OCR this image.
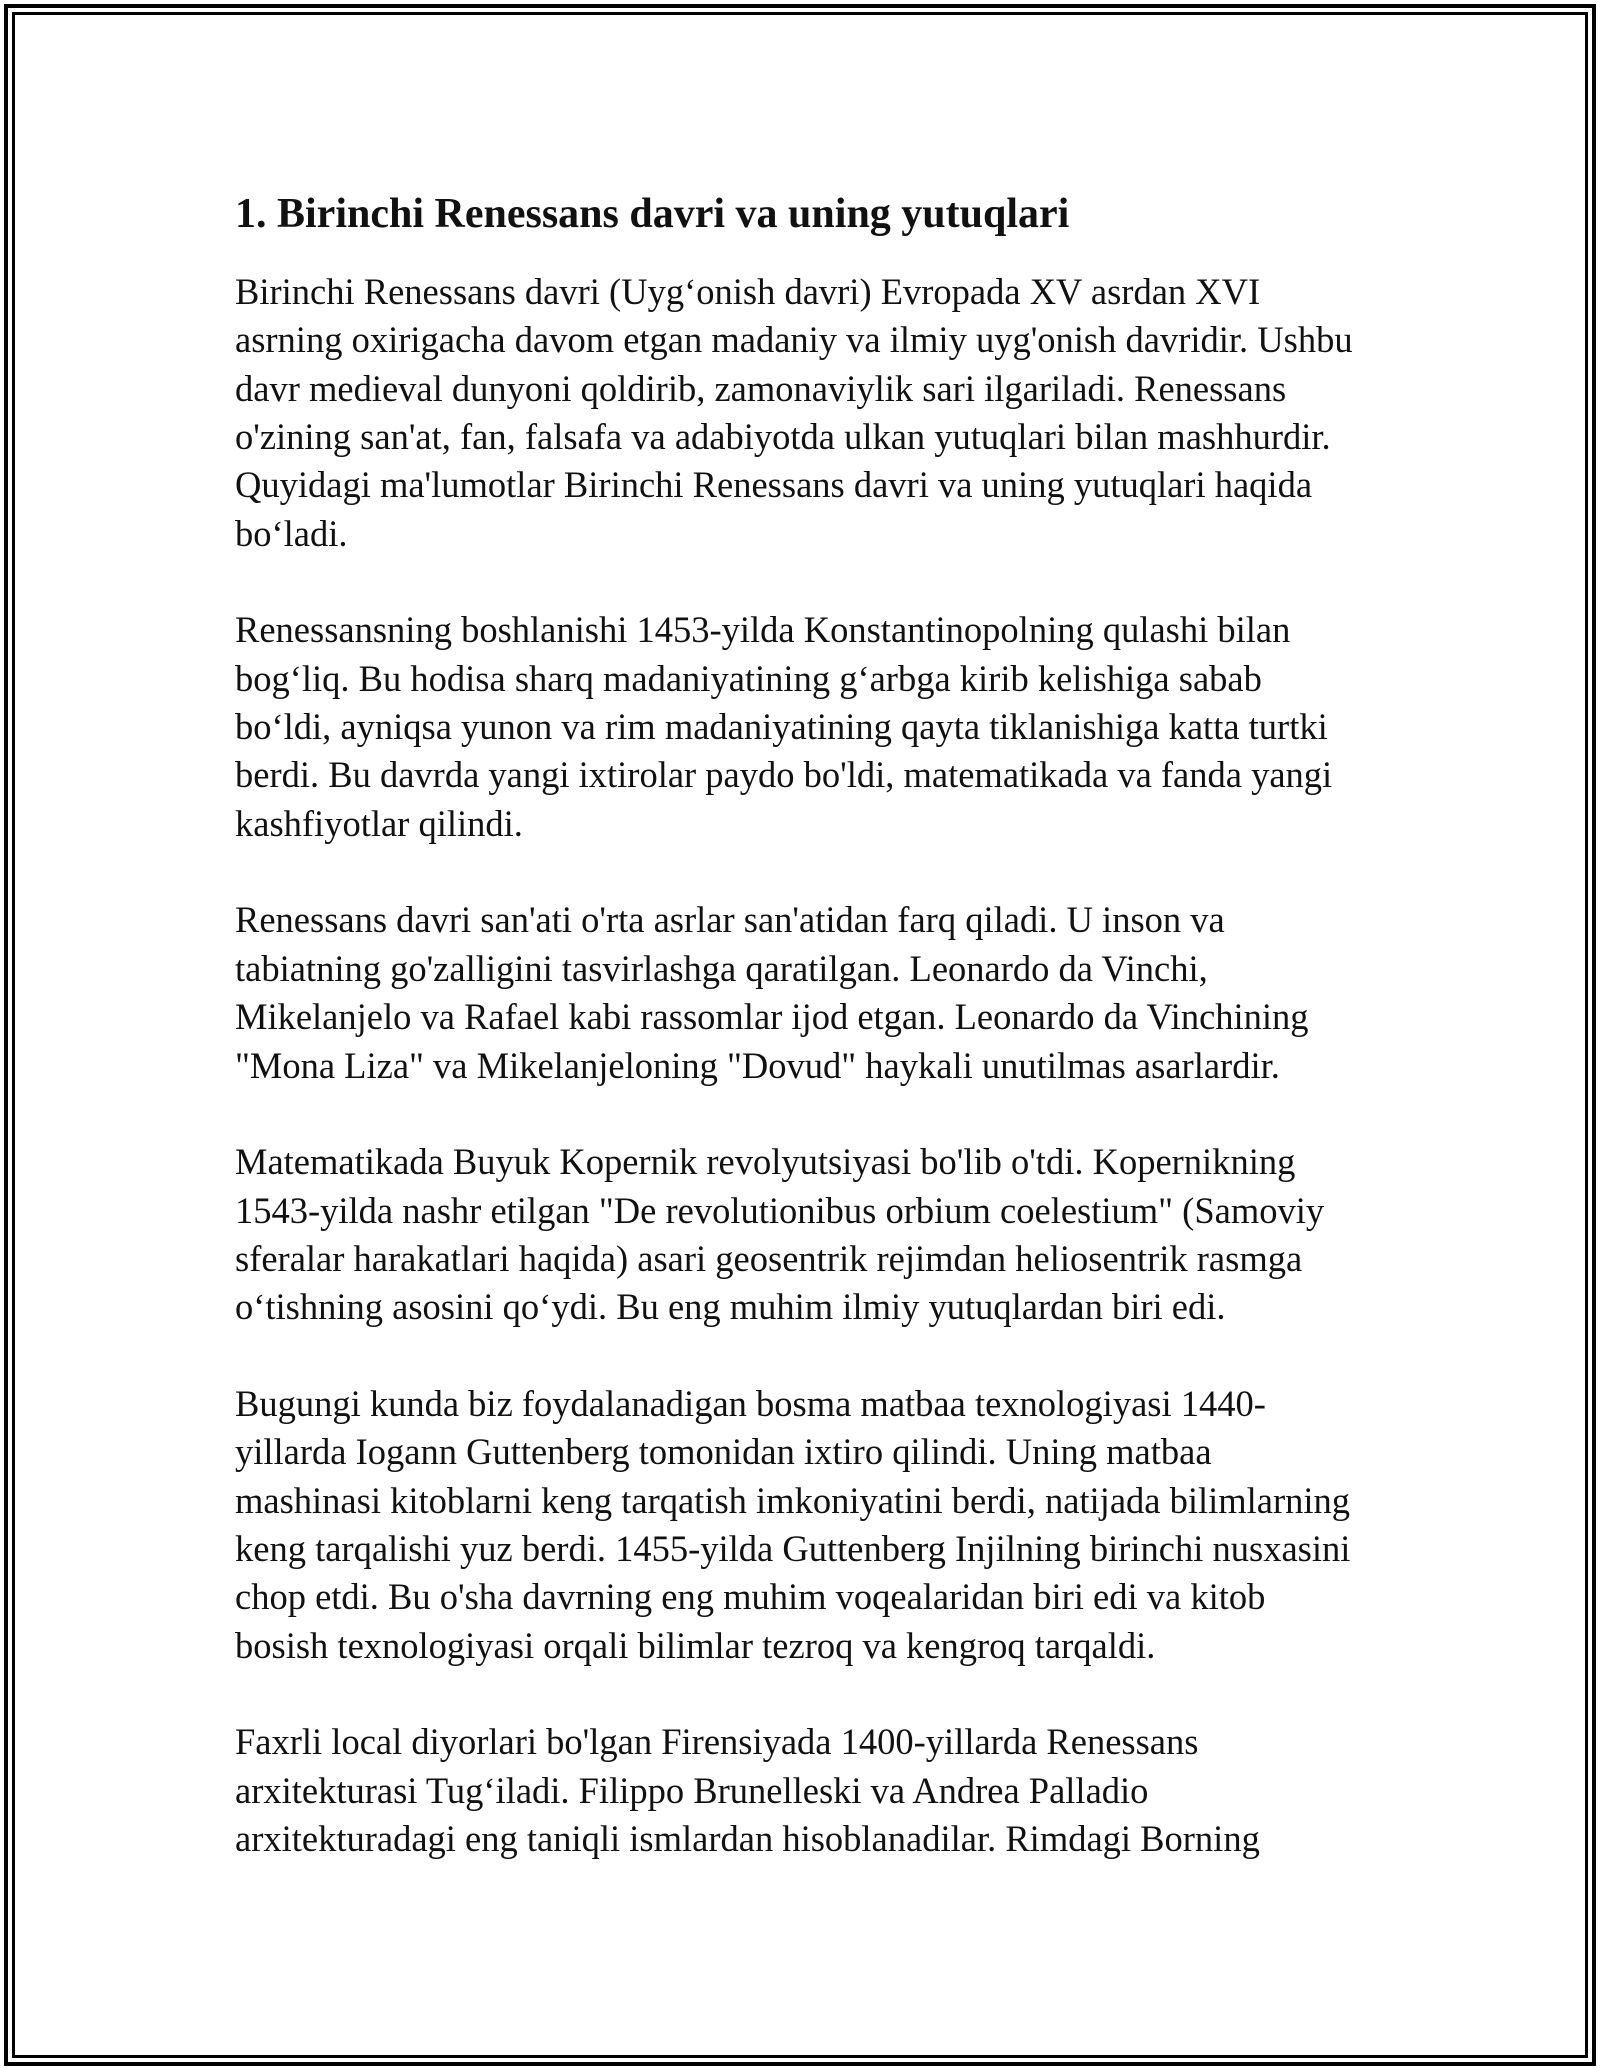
1. Birinchi Renessans davri va uning yutuqlari
Birinchi Renessans davri (Uyg‘onish davri) Evropada XV asrdan XVI
asrning oxirigacha davom etgan madaniy va ilmiy uyg'onish davridir. Ushbu
davr medieval dunyoni qoldirib, zamonaviylik sari ilgariladi. Renessans
o'zining san'at, fan, falsafa va adabiyotda ulkan yutuqlari bilan mashhurdir.
Quyidagi ma'lumotlar Birinchi Renessans davri va uning yutuqlari haqida
bo‘ladi.
Renessansning boshlanishi 1453-yilda Konstantinopolning qulashi bilan
bog‘liq. Bu hodisa sharq madaniyatining g‘arbga kirib kelishiga sabab
bo‘ldi, ayniqsa yunon va rim madaniyatining qayta tiklanishiga katta turtki
berdi. Bu davrda yangi ixtirolar paydo bo'ldi, matematikada va fanda yangi
kashfiyotlar qilindi.
Renessans davri san'ati o'rta asrlar san'atidan farq qiladi. U inson va
tabiatning go'zalligini tasvirlashga qaratilgan. Leonardo da Vinchi,
Mikelanjelo va Rafael kabi rassomlar ijod etgan. Leonardo da Vinchining
"Mona Liza" va Mikelanjeloning "Dovud" haykali unutilmas asarlardir.
Matematikada Buyuk Kopernik revolyutsiyasi bo'lib o'tdi. Kopernikning
1543-yilda nashr etilgan "De revolutionibus orbium coelestium" (Samoviy
sferalar harakatlari haqida) asari geosentrik rejimdan heliosentrik rasmga
o‘tishning asosini qo‘ydi. Bu eng muhim ilmiy yutuqlardan biri edi.
Bugungi kunda biz foydalanadigan bosma matbaa texnologiyasi 1440-
yillarda Iogann Guttenberg tomonidan ixtiro qilindi. Uning matbaa
mashinasi kitoblarni keng tarqatish imkoniyatini berdi, natijada bilimlarning
keng tarqalishi yuz berdi. 1455-yilda Guttenberg Injilning birinchi nusxasini
chop etdi. Bu o'sha davrning eng muhim voqealaridan biri edi va kitob
bosish texnologiyasi orqali bilimlar tezroq va kengroq tarqaldi.
Faxrli local diyorlari bo'lgan Firensiyada 1400-yillarda Renessans
arxitekturasi Tug‘iladi. Filippo Brunelleski va Andrea Palladio
arxitekturadagi eng taniqli ismlardan hisoblanadilar. Rimdagi Borning
